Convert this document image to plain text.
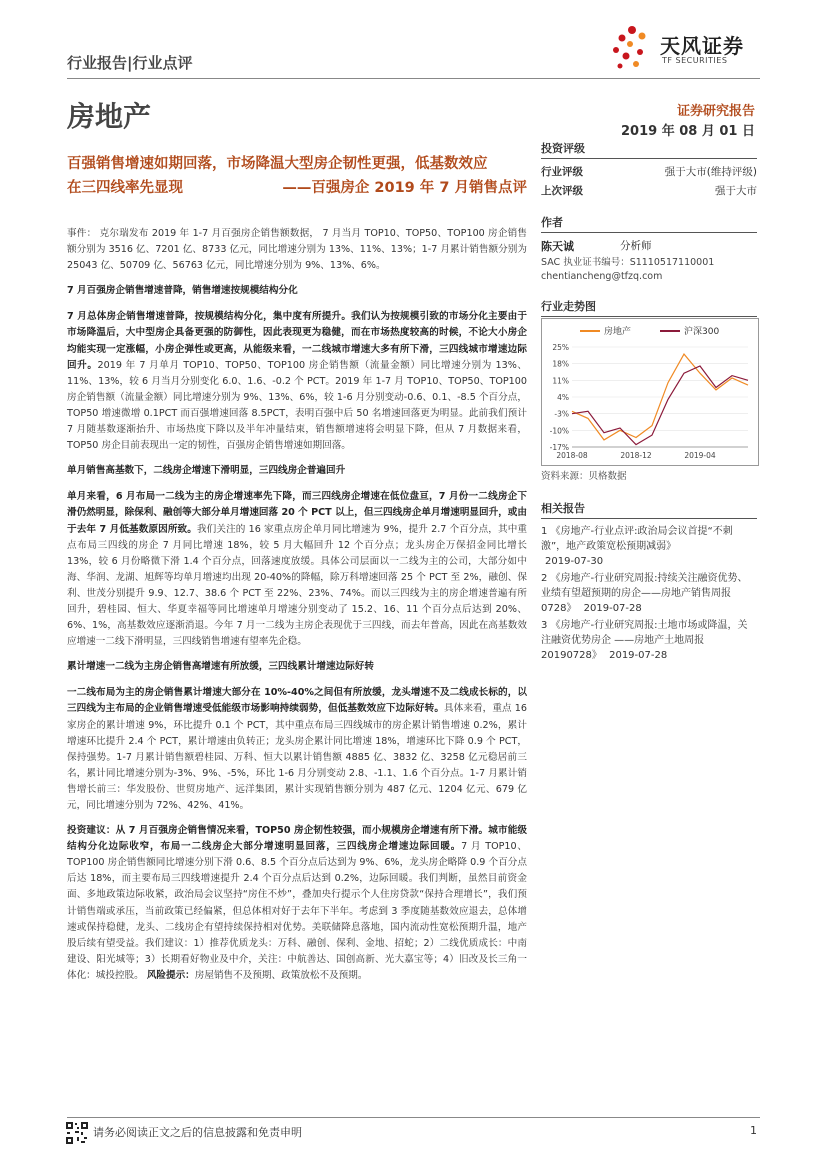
行业报告|行业点评
天风证券
TF SECURITIES
房地产	证券研究报告
2019 年 08 月 01 日
百强销售增速如期回落，市场降温大型房企韧性更强，低基数效应
在三四线率先显现	——百强房企 2019 年 7 月销售点评

事件： 克尔瑞发布 2019 年 1-7 月百强房企销售额数据， 7 月当月 TOP10、TOP50、TOP100 房企销售额分别为 3516 亿、7201 亿、8733 亿元，同比增速分别为 13%、11%、13%；1-7 月累计销售额分别为 25043 亿、50709 亿、56763 亿元，同比增速分别为 9%、13%、6%。

7 月百强房企销售增速普降，销售增速按规模结构分化

7 月总体房企销售增速普降，按规模结构分化，集中度有所提升。我们认为按规模引致的市场分化主要由于市场降温后，大中型房企具备更强的防御性，因此表现更为稳健，而在市场热度较高的时候，不论大小房企均能实现一定涨幅，小房企弹性或更高，从能级来看，一二线城市增速大多有所下滑，三四线城市增速边际回升。2019 年 7 月单月 TOP10、TOP50、TOP100 房企销售额（流量金额）同比增速分别为 13%、11%、13%，较 6 月当月分别变化 6.0、1.6、-0.2 个 PCT。2019 年 1-7 月 TOP10、TOP50、TOP100 房企销售额（流量金额）同比增速分别为 9%、13%、6%，较 1-6 月分别变动-0.6、0.1、-8.5 个百分点，TOP50 增速微增 0.1PCT 而百强增速回落 8.5PCT，表明百强中后 50 名增速回落更为明显。此前我们预计 7 月随基数逐渐抬升、市场热度下降以及半年冲量结束，销售额增速将会明显下降，但从 7 月数据来看，TOP50 房企目前表现出一定的韧性，百强房企销售增速如期回落。

单月销售高基数下，二线房企增速下滑明显，三四线房企普遍回升

单月来看，6 月布局一二线为主的房企增速率先下降，而三四线房企增速在低位盘亘，7 月份一二线房企下滑仍然明显，除保利、融创等大部分单月增速回落 20 个 PCT 以上，但三四线房企单月增速明显回升，或由于去年 7 月低基数原因所致。我们关注的 16 家重点房企单月同比增速为 9%，提升 2.7 个百分点，其中重点布局三四线的房企 7 月同比增速 18%，较 5 月大幅回升 12 个百分点；龙头房企万保招金同比增长 13%，较 6 月份略微下滑 1.4 个百分点，回落速度放缓。具体公司层面以一二线为主的公司，大部分如中海、华润、龙湖、旭辉等均单月增速均出现 20-40%的降幅，除万科增速回落 25 个 PCT 至 2%，融创、保利、世茂分别提升 9.9、12.7、38.6 个 PCT 至 22%、23%、74%。而以三四线为主的房企增速普遍有所回升，碧桂园、恒大、华夏幸福等同比增速单月增速分别变动了 15.2、16、11 个百分点后达到 20%、6%、1%，高基数效应逐渐消退。今年 7 月一二线为主房企表现优于三四线，而去年普高，因此在高基数效应增速一二线下滑明显，三四线销售增速有望率先企稳。

累计增速一二线为主房企销售高增速有所放缓，三四线累计增速边际好转

一二线布局为主的房企销售累计增速大部分在 10%-40%之间但有所放缓，龙头增速不及二线成长标的，以三四线为主布局的企业销售增速受低能级市场影响持续弱势，但低基数效应下边际好转。具体来看，重点 16 家房企的累计增速 9%，环比提升 0.1 个 PCT，其中重点布局三四线城市的房企累计销售增速 0.2%，累计增速环比提升 2.4 个 PCT，累计增速由负转正；龙头房企累计同比增速 18%，增速环比下降 0.9 个 PCT，保持强势。1-7 月累计销售额碧桂园、万科、恒大以累计销售额 4885 亿、3832 亿、3258 亿元稳居前三名，累计同比增速分别为-3%、9%、-5%，环比 1-6 月分别变动 2.8、-1.1、1.6 个百分点。1-7 月累计销售增长前三：华发股份、世贸房地产、远洋集团，累计实现销售额分别为 487 亿元、1204 亿元、679 亿元，同比增速分别为 72%、42%、41%。

投资建议：从 7 月百强房企销售情况来看，TOP50 房企韧性较强，而小规模房企增速有所下滑。城市能级结构分化边际收窄，布局一二线房企大部分增速明显回落，三四线房企增速边际回暖。7 月 TOP10、TOP100 房企销售额同比增速分别下滑 0.6、8.5 个百分点后达到为 9%、6%，龙头房企略降 0.9 个百分点后达 18%，而主要布局三四线增速提升 2.4 个百分点后达到 0.2%，边际回暖。我们判断，虽然目前资金面、多地政策边际收紧，政治局会议坚持“房住不炒”，叠加央行提示个人住房贷款“保持合理增长”，我们预计销售端或承压，当前政策已经偏紧，但总体相对好于去年下半年。考虑到 3 季度随基数效应退去，总体增速或保持稳健，龙头、二线房企有望持续保持相对优势。美联储降息落地，国内流动性宽松预期升温，地产股后续有望受益。我们建议：1）推荐优质龙头：万科、融创、保利、金地、招蛇；2）二线优质成长：中南建设、阳光城等；3）长期看好物业及中介，关注：中航善达、国创高新、光大嘉宝等；4）旧改及长三角一体化：城投控股。 风险提示：房屋销售不及预期、政策放松不及预期。

投资评级
行业评级	强于大市(维持评级)
上次评级	强于大市
作者
陈天诚	分析师
SAC 执业证书编号：S1110517110001
chentiancheng@tfzq.com
行业走势图
房地产	沪深300
25%
18%
11%
4%
-3%
-10%
-17%
2018-08	2018-12	2019-04
资料来源：贝格数据
相关报告
1 《房地产-行业点评:政治局会议首提“不刺激”，地产政策宽松预期减弱》
2019-07-30
2 《房地产-行业研究周报:持续关注融资优势、业绩有望超预期的房企——房地产销售周报 0728》 2019-07-28
3 《房地产-行业研究周报:土地市场或降温，关注融资优势房企 ——房地产土地周报 20190728》 2019-07-28
请务必阅读正文之后的信息披露和免责申明	1
